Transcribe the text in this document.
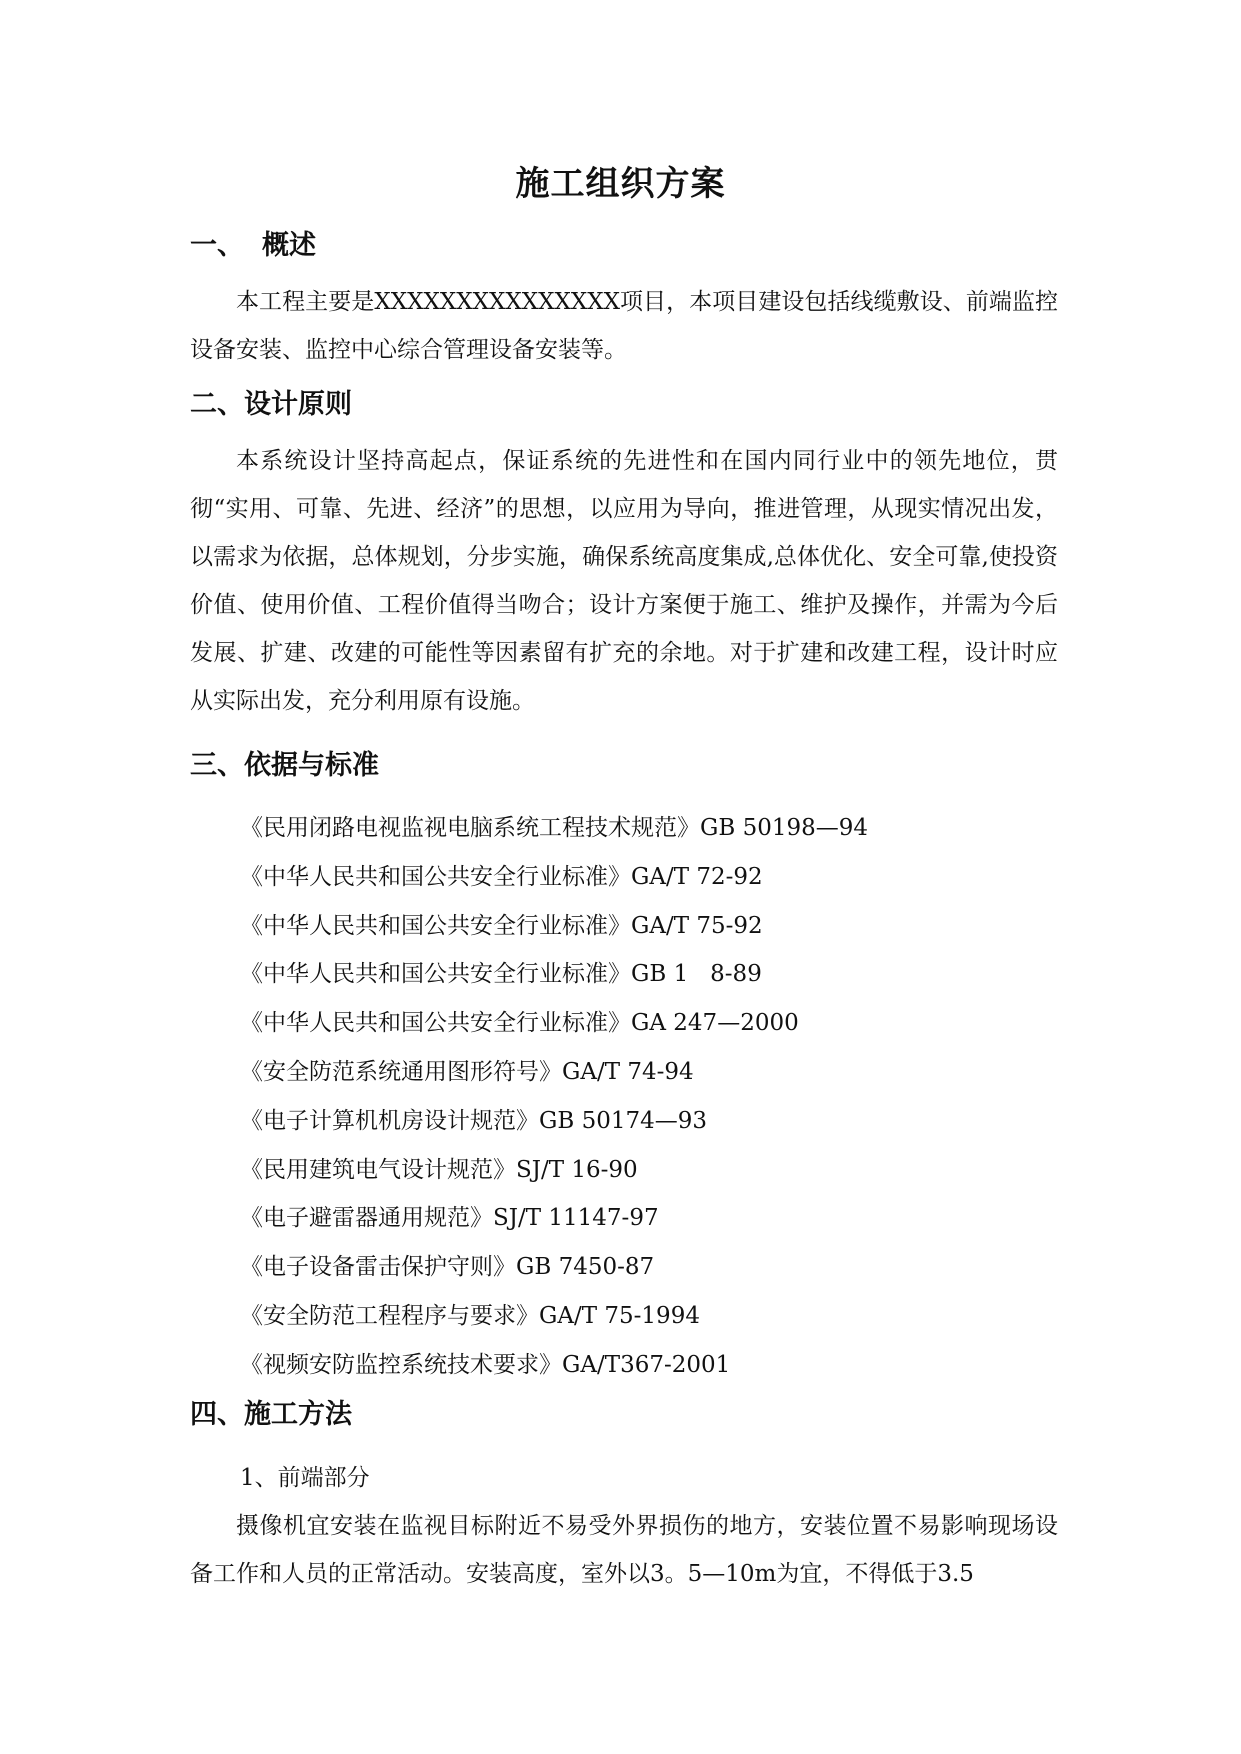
施工组织方案
一、 概述
本工程主要是XXXXXXXXXXXXXXX项目，本项目建设包括线缆敷设、前端监控设备安装、监控中心综合管理设备安装等。
二、设计原则
本系统设计坚持高起点，保证系统的先进性和在国内同行业中的领先地位，贯彻“实用、可靠、先进、经济”的思想，以应用为导向，推进管理，从现实情况出发，以需求为依据，总体规划，分步实施，确保系统高度集成,总体优化、安全可靠,使投资价值、使用价值、工程价值得当吻合；设计方案便于施工、维护及操作，并需为今后发展、扩建、改建的可能性等因素留有扩充的余地。对于扩建和改建工程，设计时应从实际出发，充分利用原有设施。
三、依据与标准
《民用闭路电视监视电脑系统工程技术规范》GB 50198—94
《中华人民共和国公共安全行业标准》GA/T 72-92
《中华人民共和国公共安全行业标准》GA/T 75-92
《中华人民共和国公共安全行业标准》GB 1   8-89
《中华人民共和国公共安全行业标准》GA 247—2000
《安全防范系统通用图形符号》GA/T 74-94
《电子计算机机房设计规范》GB 50174—93
《民用建筑电气设计规范》SJ/T 16-90
《电子避雷器通用规范》SJ/T 11147-97
《电子设备雷击保护守则》GB 7450-87
《安全防范工程程序与要求》GA/T 75-1994
《视频安防监控系统技术要求》GA/T367-2001
四、施工方法
1、前端部分
摄像机宜安装在监视目标附近不易受外界损伤的地方，安装位置不易影响现场设备工作和人员的正常活动。安装高度，室外以3。5—10m为宜，不得低于3.5
